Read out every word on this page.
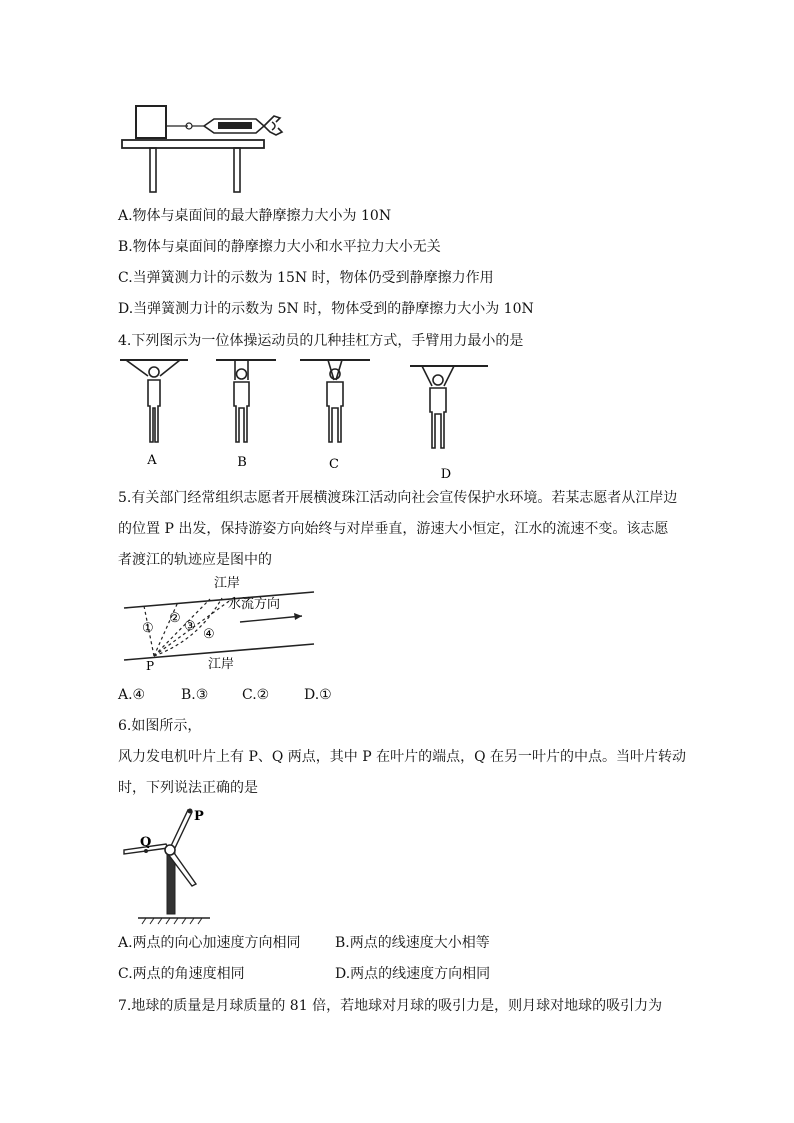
A.物体与桌面间的最大静摩擦力大小为 10N
B.物体与桌面间的静摩擦力大小和水平拉力大小无关
C.当弹簧测力计的示数为 15N 时，物体仍受到静摩擦力作用
D.当弹簧测力计的示数为 5N 时，物体受到的静摩擦力大小为 10N
4.下列图示为一位体操运动员的几种挂杠方式，手臂用力最小的是
A	B	C
D
5.有关部门经常组织志愿者开展横渡珠江活动向社会宣传保护水环境。若某志愿者从江岸边
的位置 P 出发，保持游姿方向始终与对岸垂直，游速大小恒定，江水的流速不变。该志愿
者渡江的轨迹应是图中的
江岸
水流方向
江岸
P
①
②
③
④
A.④	B.③ C.② D.①
6.如图所示，
风力发电机叶片上有 P、Q 两点，其中 P 在叶片的端点，Q 在另一叶片的中点。当叶片转动
时，下列说法正确的是
P
Q
A.两点的向心加速度方向相同 B.两点的线速度大小相等
C.两点的角速度相同	D.两点的线速度方向相同
7.地球的质量是月球质量的 81 倍，若地球对月球的吸引力是，则月球对地球的吸引力为
